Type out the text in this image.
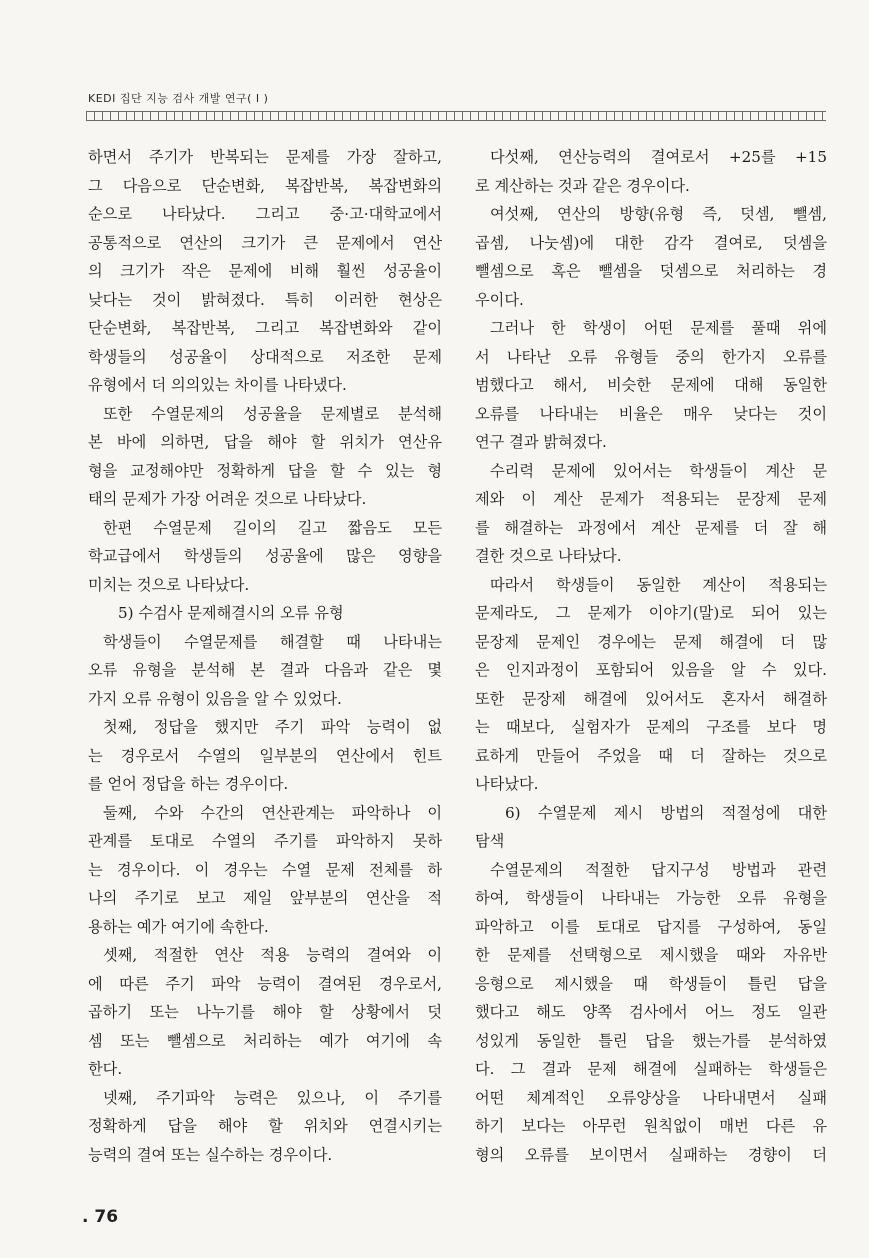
KEDI 집단 지능 검사 개발 연구( I )
하면서 주기가 반복되는 문제를 가장 잘하고,
그 다음으로 단순변화, 복잡반복, 복잡변화의
순으로 나타났다. 그리고 중·고·대학교에서
공통적으로 연산의 크기가 큰 문제에서 연산
의 크기가 작은 문제에 비해 훨씬 성공율이
낮다는 것이 밝혀졌다. 특히 이러한 현상은
단순변화, 복잡반복, 그리고 복잡변화와 같이
학생들의 성공율이 상대적으로 저조한 문제
유형에서 더 의의있는 차이를 나타냈다.
또한 수열문제의 성공율을 문제별로 분석해
본 바에 의하면, 답을 해야 할 위치가 연산유
형을 교정해야만 정확하게 답을 할 수 있는 형
태의 문제가 가장 어려운 것으로 나타났다.
한편 수열문제 길이의 길고 짧음도 모든
학교급에서 학생들의 성공율에 많은 영향을
미치는 것으로 나타났다.
5) 수검사 문제해결시의 오류 유형
학생들이 수열문제를 해결할 때 나타내는
오류 유형을 분석해 본 결과 다음과 같은 몇
가지 오류 유형이 있음을 알 수 있었다.
첫째, 정답을 했지만 주기 파악 능력이 없
는 경우로서 수열의 일부분의 연산에서 힌트
를 얻어 정답을 하는 경우이다.
둘째, 수와 수간의 연산관계는 파악하나 이
관계를 토대로 수열의 주기를 파악하지 못하
는 경우이다. 이 경우는 수열 문제 전체를 하
나의 주기로 보고 제일 앞부분의 연산을 적
용하는 예가 여기에 속한다.
셋째, 적절한 연산 적용 능력의 결여와 이
에 따른 주기 파악 능력이 결여된 경우로서,
곱하기 또는 나누기를 해야 할 상황에서 덧
셈 또는 뺄셈으로 처리하는 예가 여기에 속
한다.
넷째, 주기파악 능력은 있으나, 이 주기를
정확하게 답을 해야 할 위치와 연결시키는
능력의 결여 또는 실수하는 경우이다.
다섯째, 연산능력의 결여로서 +25를 +15
로 계산하는 것과 같은 경우이다.
여섯째, 연산의 방향(유형 즉, 덧셈, 뺄셈,
곱셈, 나눗셈)에 대한 감각 결여로, 덧셈을
뺄셈으로 혹은 뺄셈을 덧셈으로 처리하는 경
우이다.
그러나 한 학생이 어떤 문제를 풀때 위에
서 나타난 오류 유형들 중의 한가지 오류를
범했다고 해서, 비슷한 문제에 대해 동일한
오류를 나타내는 비율은 매우 낮다는 것이
연구 결과 밝혀졌다.
수리력 문제에 있어서는 학생들이 계산 문
제와 이 계산 문제가 적용되는 문장제 문제
를 해결하는 과정에서 계산 문제를 더 잘 해
결한 것으로 나타났다.
따라서 학생들이 동일한 계산이 적용되는
문제라도, 그 문제가 이야기(말)로 되어 있는
문장제 문제인 경우에는 문제 해결에 더 많
은 인지과정이 포함되어 있음을 알 수 있다.
또한 문장제 해결에 있어서도 혼자서 해결하
는 때보다, 실험자가 문제의 구조를 보다 명
료하게 만들어 주었을 때 더 잘하는 것으로
나타났다.
6) 수열문제 제시 방법의 적절성에 대한
탐색
수열문제의 적절한 답지구성 방법과 관련
하여, 학생들이 나타내는 가능한 오류 유형을
파악하고 이를 토대로 답지를 구성하여, 동일
한 문제를 선택형으로 제시했을 때와 자유반
응형으로 제시했을 때 학생들이 틀린 답을
했다고 해도 양쪽 검사에서 어느 정도 일관
성있게 동일한 틀린 답을 했는가를 분석하였
다. 그 결과 문제 해결에 실패하는 학생들은
어떤 체계적인 오류양상을 나타내면서 실패
하기 보다는 아무런 원칙없이 매번 다른 유
형의 오류를 보이면서 실패하는 경향이 더
. 76
